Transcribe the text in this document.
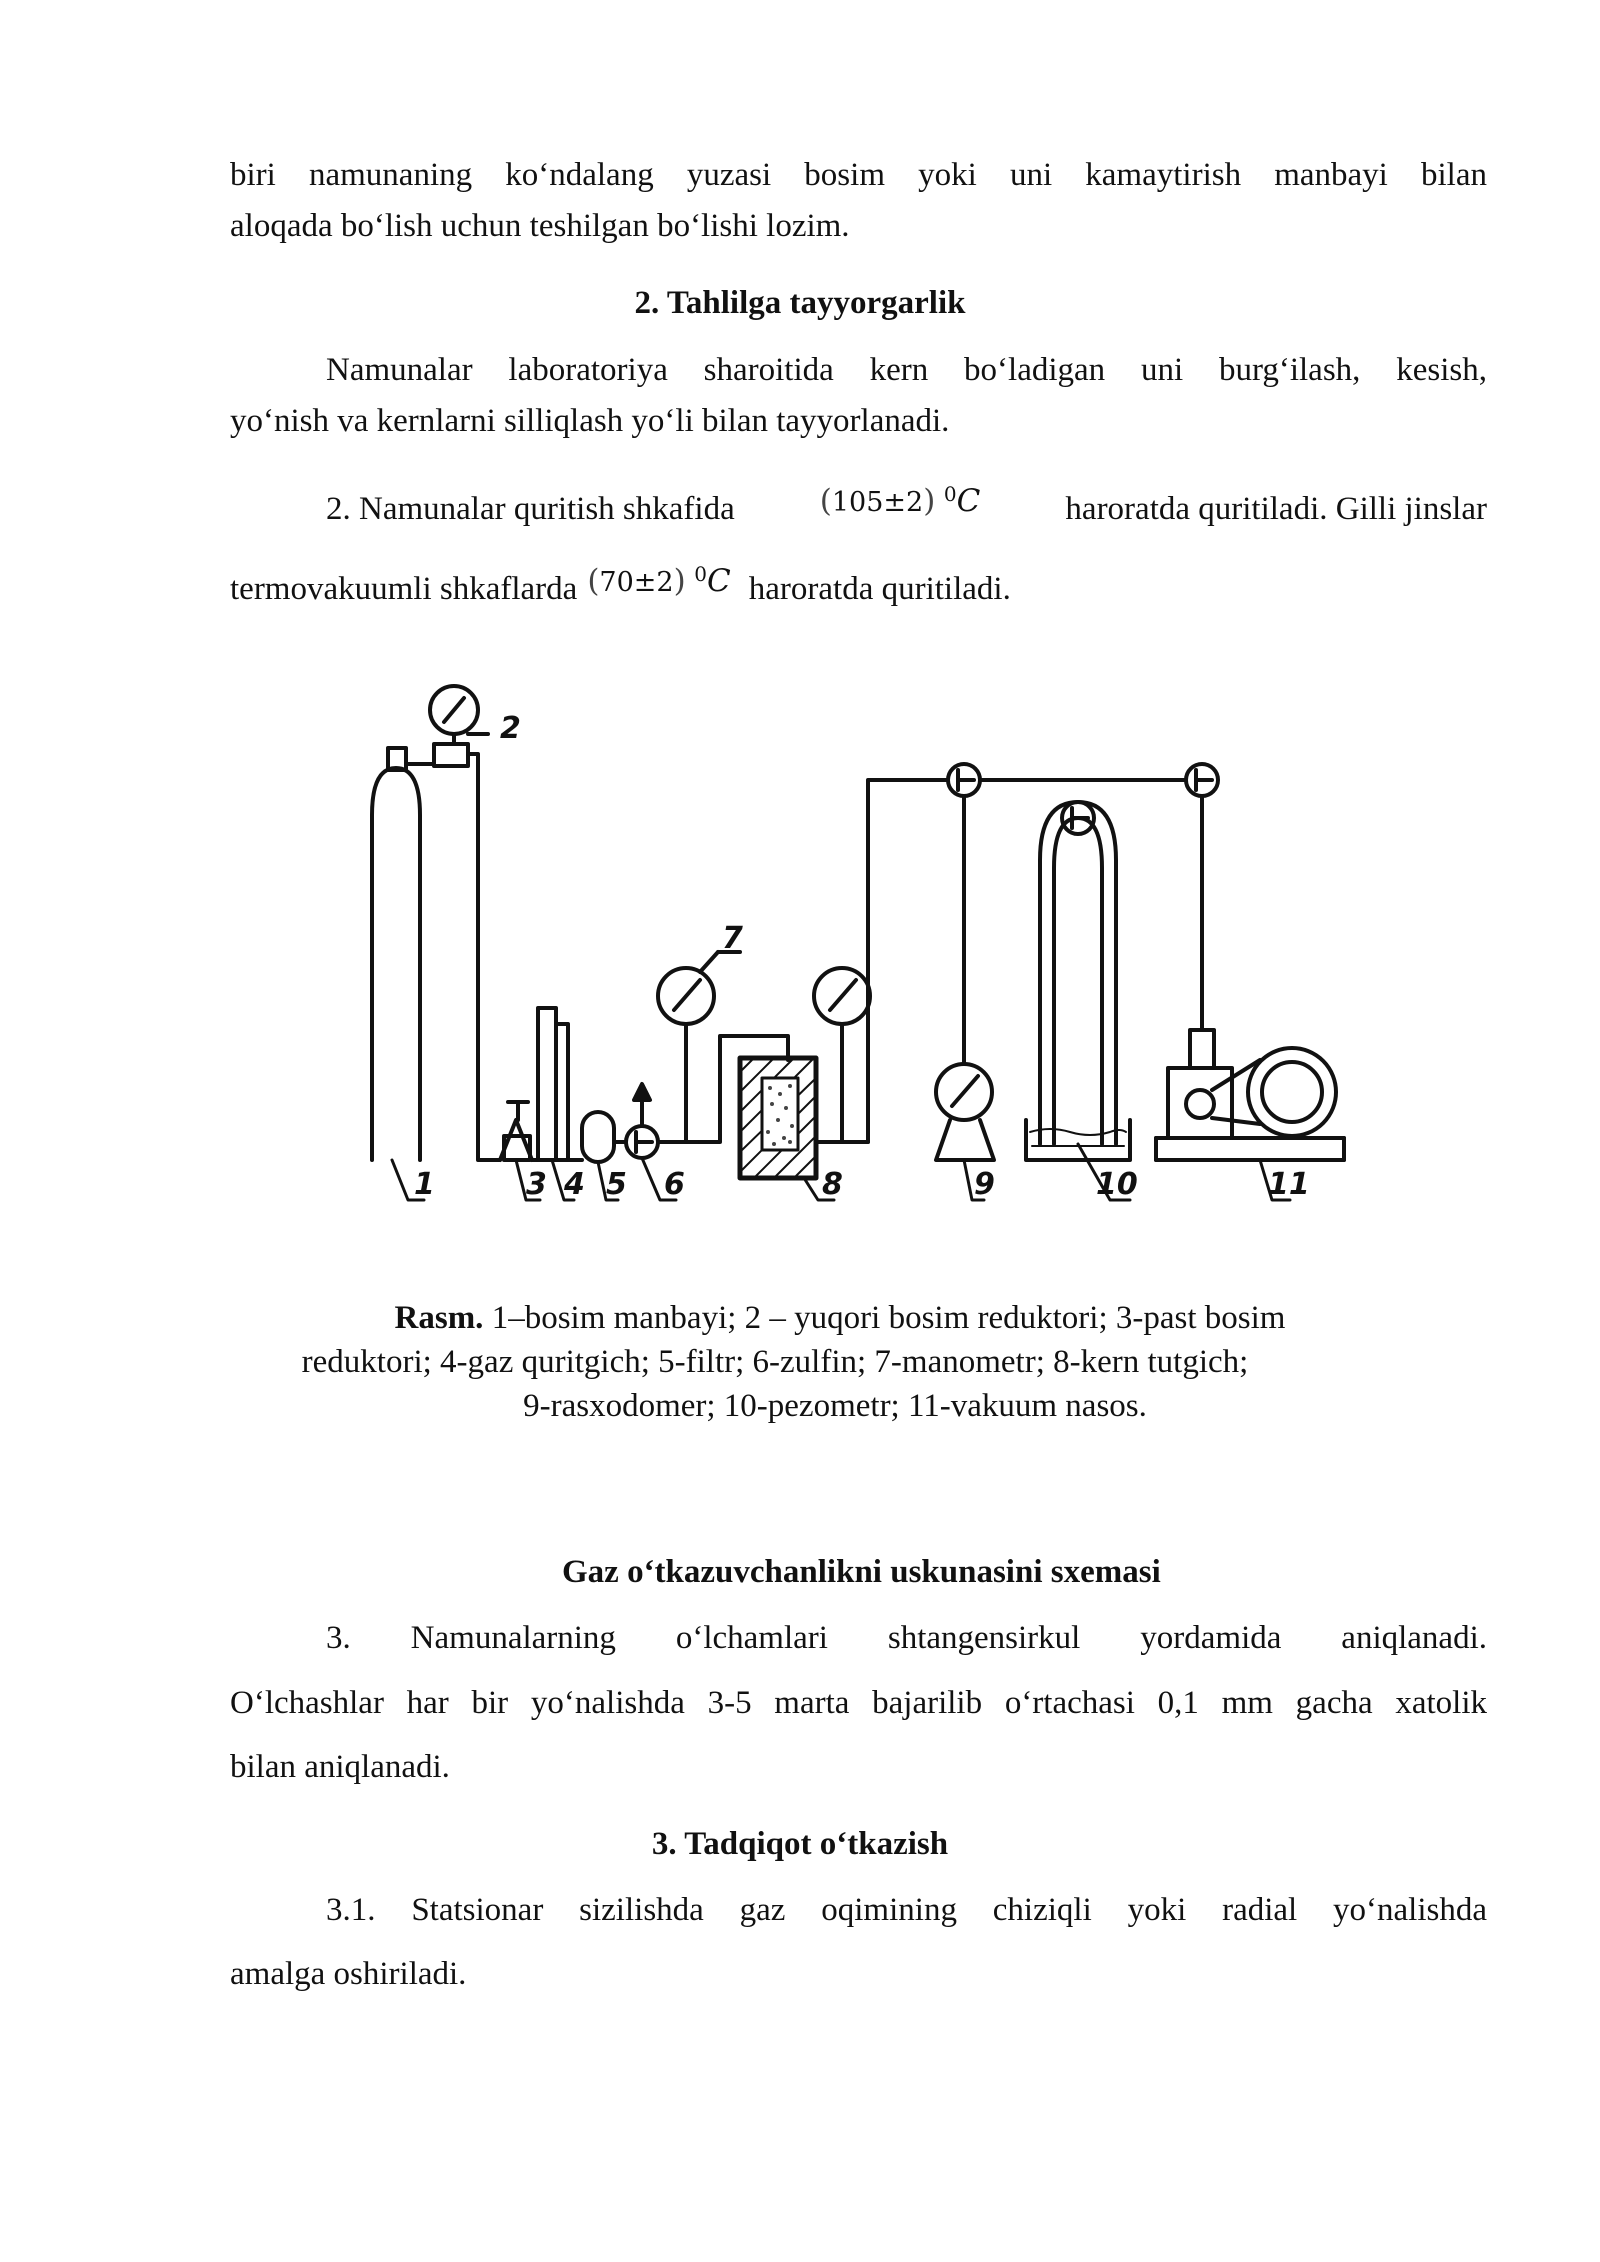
biri namunaning ko‘ndalang yuzasi bosim yoki uni kamaytirish manbayi bilan

aloqada bo‘lish uchun teshilgan bo‘lishi lozim.

2. Tahlilga tayyorgarlik

Namunalar laboratoriya sharoitida kern bo‘ladigan uni burg‘ilash, kesish,

yo‘nish va kernlarni silliqlash yo‘li bilan tayyorlanadi.

2. Namunalar quritish shkafida	(105±2) $^0$C	haroratda quritiladi. Gilli jinslar
termovakuumli shkaflarda (70±2) $^0$C haroratda quritiladi.
1
2
3 4 5 6
7
8	9	10	11
Rasm. 1–bosim manbayi; 2 – yuqori bosim reduktori; 3-past bosim
reduktori; 4-gaz quritgich; 5-filtr; 6-zulfin; 7-manometr; 8-kern tutgich;
9-rasxodomer; 10-pezometr; 11-vakuum nasos.

Gaz o‘tkazuvchanlikni uskunasini sxemasi

3. Namunalarning o‘lchamlari shtangensirkul yordamida aniqlanadi.

O‘lchashlar har bir yo‘nalishda 3-5 marta bajarilib o‘rtachasi 0,1 mm gacha xatolik

bilan aniqlanadi.

3. Tadqiqot o‘tkazish

3.1. Statsionar sizilishda gaz oqimining chiziqli yoki radial yo‘nalishda

amalga oshiriladi.
